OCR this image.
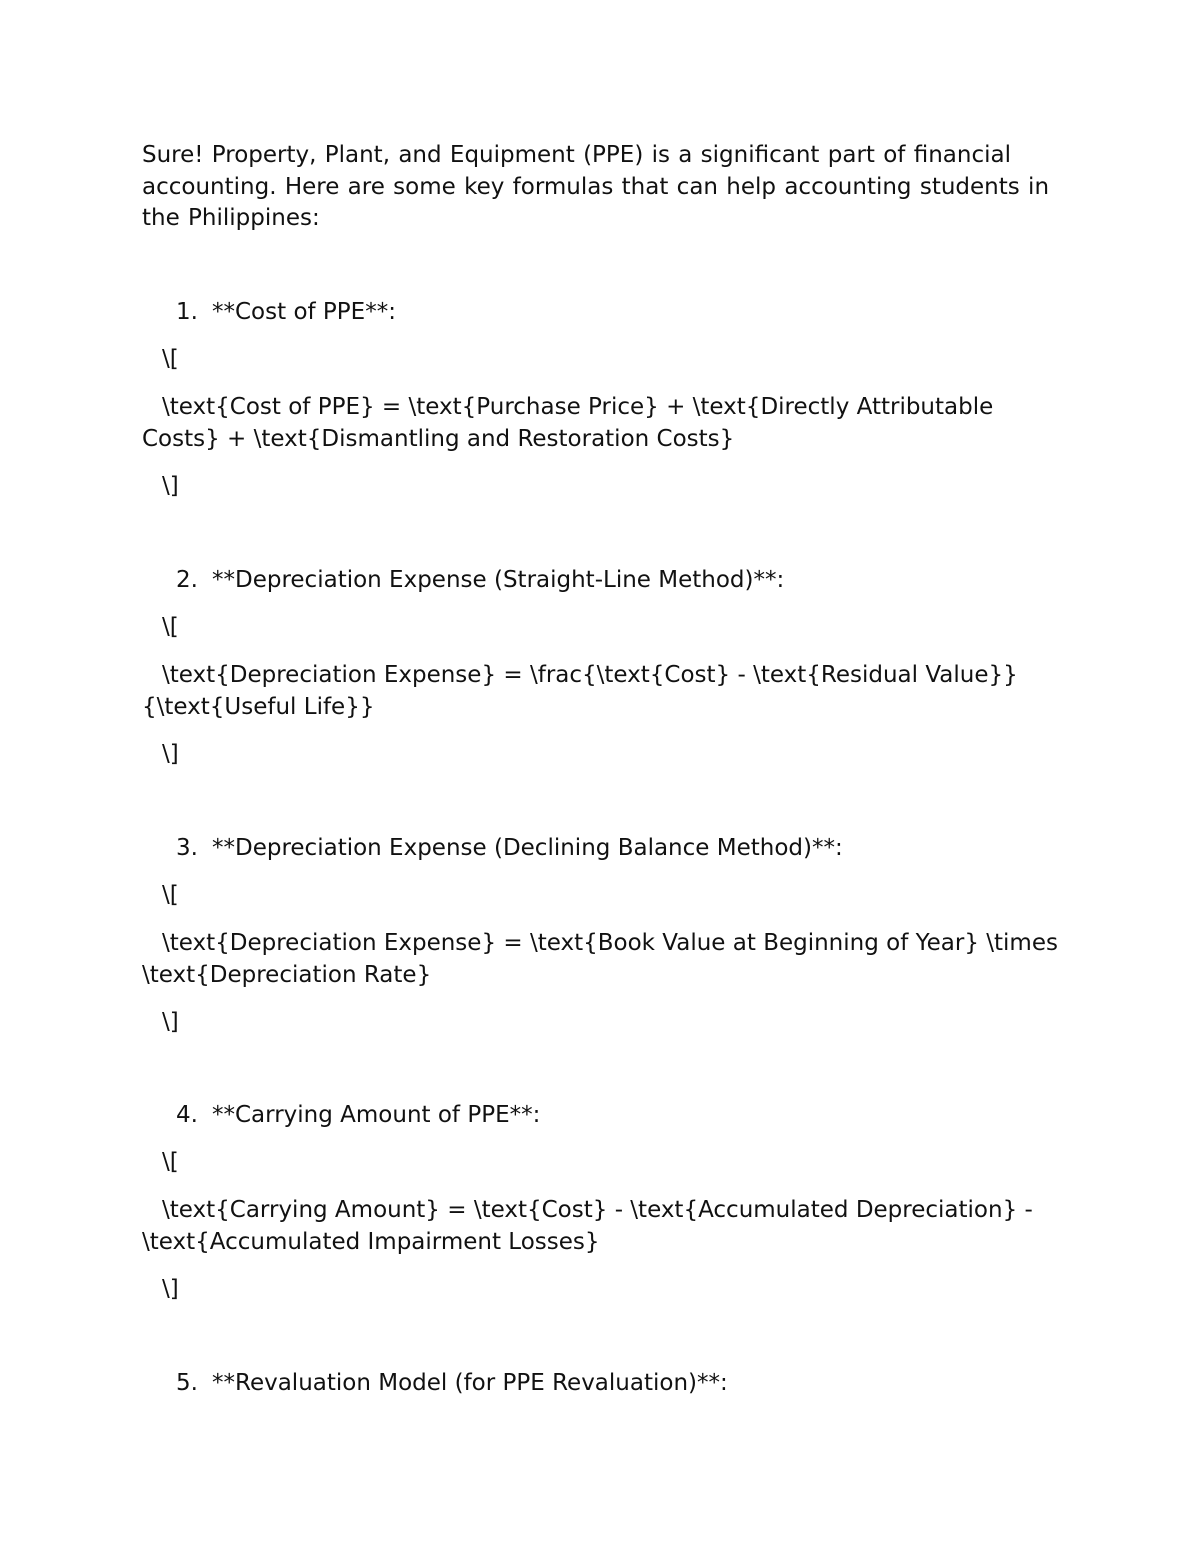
Sure! Property, Plant, and Equipment (PPE) is a significant part of financial accounting. Here are some key formulas that can help accounting students in the Philippines:

1. **Cost of PPE**:

\[

\text{Cost of PPE} = \text{Purchase Price} + \text{Directly Attributable Costs} + \text{Dismantling and Restoration Costs}

\]

2. **Depreciation Expense (Straight-Line Method)**:

\[

\text{Depreciation Expense} = \frac{\text{Cost} - \text{Residual Value}}{\text{Useful Life}}

\]

3. **Depreciation Expense (Declining Balance Method)**:

\[

\text{Depreciation Expense} = \text{Book Value at Beginning of Year} \times \text{Depreciation Rate}

\]

4. **Carrying Amount of PPE**:

\[

\text{Carrying Amount} = \text{Cost} - \text{Accumulated Depreciation} - \text{Accumulated Impairment Losses}

\]

5. **Revaluation Model (for PPE Revaluation)**:
